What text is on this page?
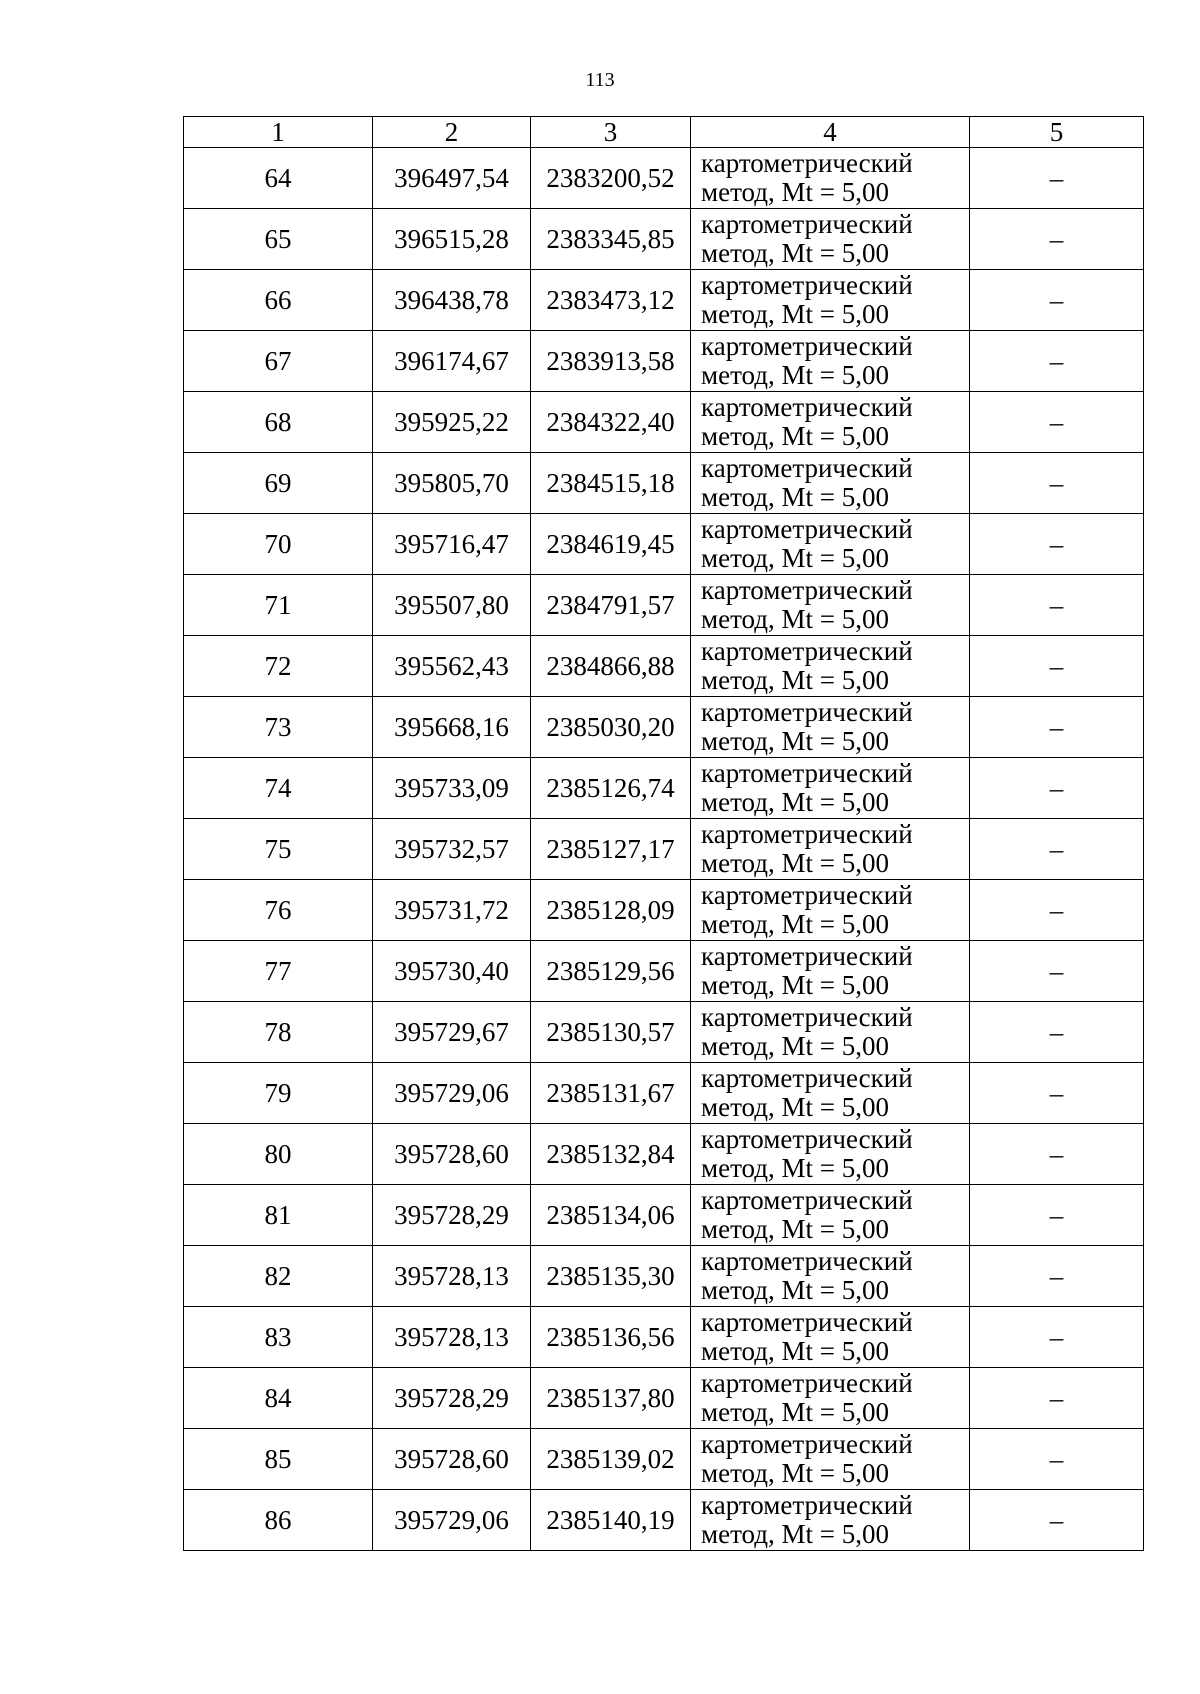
113
1	2	3	4	5
64	396497,54	2383200,52	картометрический
метод, Mt = 5,00	–
65	396515,28	2383345,85	картометрический
метод, Mt = 5,00	–
66	396438,78	2383473,12	картометрический
метод, Mt = 5,00	–
67	396174,67	2383913,58	картометрический
метод, Mt = 5,00	–
68	395925,22	2384322,40	картометрический
метод, Mt = 5,00	–
69	395805,70	2384515,18	картометрический
метод, Mt = 5,00	–
70	395716,47	2384619,45	картометрический
метод, Mt = 5,00	–
71	395507,80	2384791,57	картометрический
метод, Mt = 5,00	–
72	395562,43	2384866,88	картометрический
метод, Mt = 5,00	–
73	395668,16	2385030,20	картометрический
метод, Mt = 5,00	–
74	395733,09	2385126,74	картометрический
метод, Mt = 5,00	–
75	395732,57	2385127,17	картометрический
метод, Mt = 5,00	–
76	395731,72	2385128,09	картометрический
метод, Mt = 5,00	–
77	395730,40	2385129,56	картометрический
метод, Mt = 5,00	–
78	395729,67	2385130,57	картометрический
метод, Mt = 5,00	–
79	395729,06	2385131,67	картометрический
метод, Mt = 5,00	–
80	395728,60	2385132,84	картометрический
метод, Mt = 5,00	–
81	395728,29	2385134,06	картометрический
метод, Mt = 5,00	–
82	395728,13	2385135,30	картометрический
метод, Mt = 5,00	–
83	395728,13	2385136,56	картометрический
метод, Mt = 5,00	–
84	395728,29	2385137,80	картометрический
метод, Mt = 5,00	–
85	395728,60	2385139,02	картометрический
метод, Mt = 5,00	–
86	395729,06	2385140,19	картометрический
метод, Mt = 5,00	–
